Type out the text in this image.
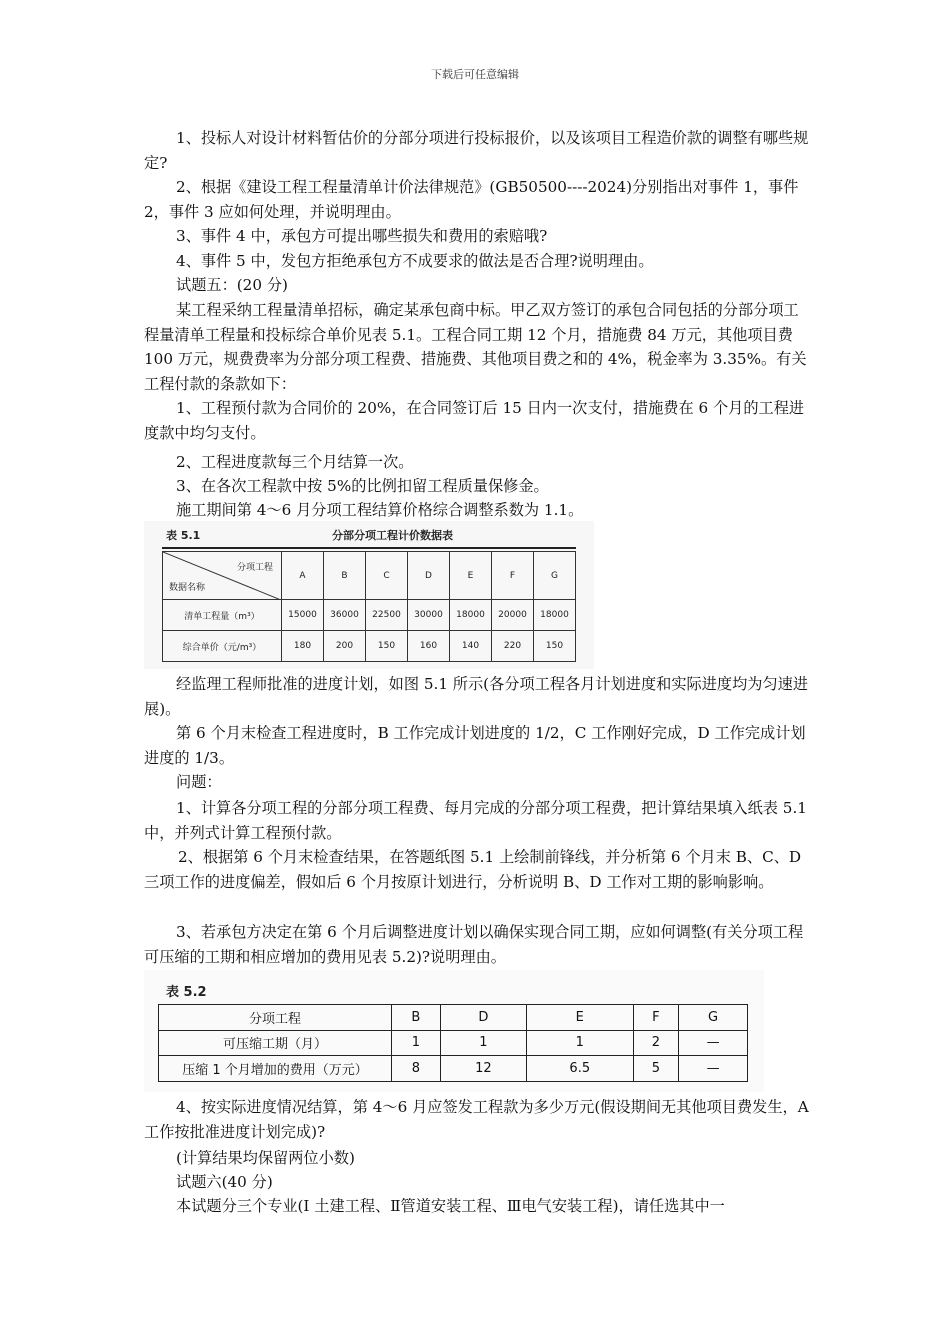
下载后可任意编辑

1、投标人对设计材料暂估价的分部分项进行投标报价，以及该项目工程造价款的调整有哪些规定?

2、根据《建设工程工程量清单计价法律规范》(GB50500----2024)分别指出对事件 1，事件 2，事件 3 应如何处理，并说明理由。

3、事件 4 中，承包方可提出哪些损失和费用的索赔哦?

4、事件 5 中，发包方拒绝承包方不成要求的做法是否合理?说明理由。

试题五：(20 分)

某工程采纳工程量清单招标，确定某承包商中标。甲乙双方签订的承包合同包括的分部分项工程量清单工程量和投标综合单价见表 5.1。工程合同工期 12 个月，措施费 84 万元，其他项目费 100 万元，规费费率为分部分项工程费、措施费、其他项目费之和的 4%，税金率为 3.35%。有关工程付款的条款如下：

1、工程预付款为合同价的 20%，在合同签订后 15 日内一次支付，措施费在 6 个月的工程进度款中均匀支付。

2、工程进度款每三个月结算一次。

3、在各次工程款中按 5%的比例扣留工程质量保修金。

施工期间第 4～6 月分项工程结算价格综合调整系数为 1.1。

表 5.1	分部分项工程计价数据表
分项工程
数据名称	A	B	C	D	E	F	G
清单工程量（m³）	15000	36000	22500	30000	18000	20000	18000
综合单价（元/m³）	180	200	150	160	140	220	150

经监理工程师批准的进度计划，如图 5.1 所示(各分项工程各月计划进度和实际进度均为匀速进展)。

第 6 个月末检查工程进度时，B 工作完成计划进度的 1/2，C 工作刚好完成，D 工作完成计划进度的 1/3。

问题：

1、计算各分项工程的分部分项工程费、每月完成的分部分项工程费，把计算结果填入纸表 5.1 中，并列式计算工程预付款。

2、根据第 6 个月末检查结果，在答题纸图 5.1 上绘制前锋线，并分析第 6 个月末 B、C、D 三项工作的进度偏差，假如后 6 个月按原计划进行，分析说明 B、D 工作对工期的影响影响。

3、若承包方决定在第 6 个月后调整进度计划以确保实现合同工期，应如何调整(有关分项工程可压缩的工期和相应增加的费用见表 5.2)?说明理由。

表 5.2
分项工程	B	D	E	F	G
可压缩工期（月）	1	1	1	2	—
压缩 1 个月增加的费用（万元）	8	12	6.5	5	—

4、按实际进度情况结算，第 4～6 月应签发工程款为多少万元(假设期间无其他项目费发生，A 工作按批准进度计划完成)?

(计算结果均保留两位小数)

试题六(40 分)

本试题分三个专业(Ⅰ 土建工程、Ⅱ管道安装工程、Ⅲ电气安装工程)，请任选其中一
